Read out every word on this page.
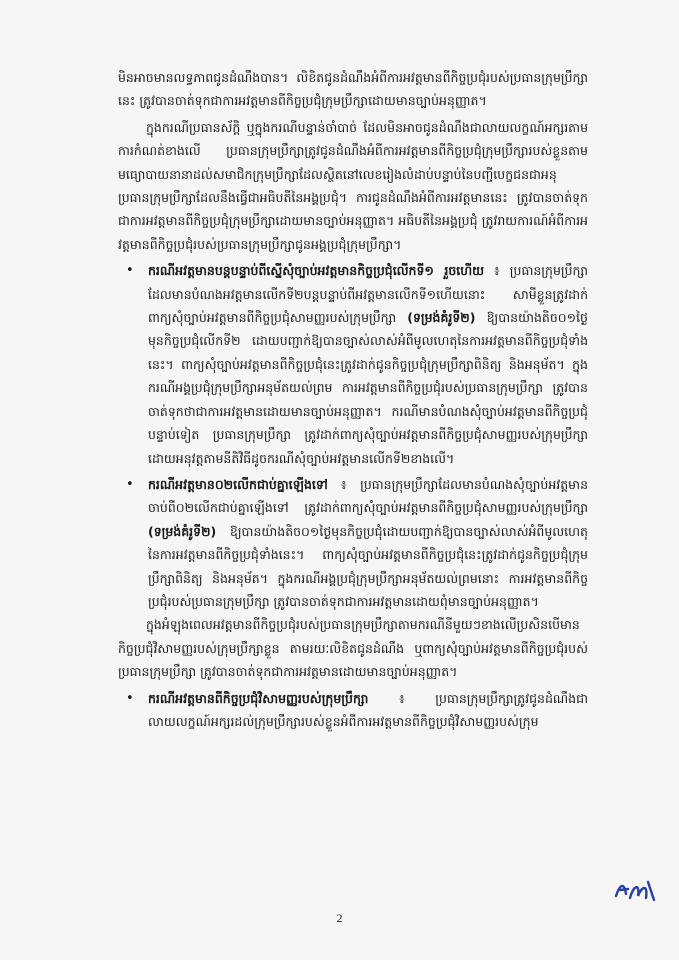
មិនអាចមានលទ្ធភាពជូនដំណឹងបាន។ លិខិតជូនដំណឹងអំពីការអវត្តមានពីកិច្ចប្រជុំរបស់ប្រធានក្រុមប្រឹក្សានេះ ត្រូវបានចាត់ទុកជាការអវត្តមានពីកិច្ចប្រជុំក្រុមប្រឹក្សាដោយមានច្បាប់អនុញ្ញាត។

ក្នុងករណីប្រធានស័ក្តិ ឬក្នុងករណីបន្ទាន់ចាំបាច់ ដែលមិនអាចជូនដំណឹងជាលាយលក្ខណ៍អក្សរតាមការកំណត់ខាងលើ ប្រធានក្រុមប្រឹក្សាត្រូវជូនដំណឹងអំពីការអវត្តមានពីកិច្ចប្រជុំក្រុមប្រឹក្សារបស់ខ្លួនតាមមធ្យោបាយនានាដល់សមាជិកក្រុមប្រឹក្សាដែលស្ថិតនៅលេខរៀងលំដាប់បន្ទាប់នៃបញ្ជីបេក្ខជនជាអនុប្រធានក្រុមប្រឹក្សាដែលនឹងធ្វើជាអធិបតីនៃអង្គប្រជុំ។ ការជូនដំណឹងអំពីការអវត្តមាននេះ ត្រូវបានចាត់ទុកជាការអវត្តមានពីកិច្ចប្រជុំក្រុមប្រឹក្សាដោយមានច្បាប់អនុញ្ញាត។ អធិបតីនៃអង្គប្រជុំ ត្រូវរាយការណ៍អំពីការអវត្តមានពីកិច្ចប្រជុំរបស់ប្រធានក្រុមប្រឹក្សាជូនអង្គប្រជុំក្រុមប្រឹក្សា។

• ករណីអវត្តមានបន្តបន្ទាប់ពីស្នើសុំច្បាប់អវត្តមានកិច្ចប្រជុំលើកទី១ រួចហើយ ៖ ប្រធានក្រុមប្រឹក្សាដែលមានបំណងអវត្តមានលើកទី២បន្តបន្ទាប់ពីអវត្តមានលើកទី១ហើយនោះ សាមីខ្លួនត្រូវដាក់ពាក្យសុំច្បាប់អវត្តមានពីកិច្ចប្រជុំសាមញ្ញរបស់ក្រុមប្រឹក្សា (ទម្រង់គំរូទី២) ឱ្យបានយ៉ាងតិច០១ថ្ងៃមុនកិច្ចប្រជុំលើកទី២ ដោយបញ្ជាក់ឱ្យបានច្បាស់លាស់អំពីមូលហេតុនៃការអវត្តមានពីកិច្ចប្រជុំទាំងនេះ។ ពាក្យសុំច្បាប់អវត្តមានពីកិច្ចប្រជុំនេះត្រូវដាក់ជូនកិច្ចប្រជុំក្រុមប្រឹក្សាពិនិត្យ និងអនុម័ត។ ក្នុងករណីអង្គប្រជុំក្រុមប្រឹក្សាអនុម័តយល់ព្រម ការអវត្តមានពីកិច្ចប្រជុំរបស់ប្រធានក្រុមប្រឹក្សា ត្រូវបានចាត់ទុកថាជាការអវត្តមានដោយមានច្បាប់អនុញ្ញាត។ ករណីមានបំណងសុំច្បាប់អវត្តមានពីកិច្ចប្រជុំបន្ទាប់ទៀត ប្រធានក្រុមប្រឹក្សា ត្រូវដាក់ពាក្យសុំច្បាប់អវត្តមានពីកិច្ចប្រជុំសាមញ្ញរបស់ក្រុមប្រឹក្សា ដោយអនុវត្តតាមនីតិវិធីដូចករណីសុំច្បាប់អវត្តមានលើកទី២ខាងលើ។
• ករណីអវត្តមាន០២លើកជាប់គ្នាឡើងទៅ ៖ ប្រធានក្រុមប្រឹក្សាដែលមានបំណងសុំច្បាប់អវត្តមានចាប់ពី០២លើកជាប់គ្នាឡើងទៅ ត្រូវដាក់ពាក្យសុំច្បាប់អវត្តមានពីកិច្ចប្រជុំសាមញ្ញរបស់ក្រុមប្រឹក្សា (ទម្រង់គំរូទី២) ឱ្យបានយ៉ាងតិច០១ថ្ងៃមុនកិច្ចប្រជុំដោយបញ្ជាក់ឱ្យបានច្បាស់លាស់អំពីមូលហេតុនៃការអវត្តមានពីកិច្ចប្រជុំទាំងនេះ។ ពាក្យសុំច្បាប់អវត្តមានពីកិច្ចប្រជុំនេះត្រូវដាក់ជូនកិច្ចប្រជុំក្រុមប្រឹក្សាពិនិត្យ និងអនុម័ត។ ក្នុងករណីអង្គប្រជុំក្រុមប្រឹក្សាអនុម័តយល់ព្រមនោះ ការអវត្តមានពីកិច្ចប្រជុំរបស់ប្រធានក្រុមប្រឹក្សា ត្រូវបានចាត់ទុកជាការអវត្តមានដោយពុំមានច្បាប់អនុញ្ញាត។

ក្នុងអំឡុងពេលអវត្តមានពីកិច្ចប្រជុំរបស់ប្រធានក្រុមប្រឹក្សាតាមករណីនីមួយៗខាងលើប្រសិនបើមានកិច្ចប្រជុំវិសាមញ្ញរបស់ក្រុមប្រឹក្សាខ្លួន តាមរយៈលិខិតជូនដំណឹង ឬពាក្យសុំច្បាប់អវត្តមានពីកិច្ចប្រជុំរបស់ប្រធានក្រុមប្រឹក្សា ត្រូវបានចាត់ទុកជាការអវត្តមានដោយមានច្បាប់អនុញ្ញាត។

• ករណីអវត្តមានពីកិច្ចប្រជុំវិសាមញ្ញរបស់ក្រុមប្រឹក្សា ៖ ប្រធានក្រុមប្រឹក្សាត្រូវជូនដំណឹងជាលាយលក្ខណ៍អក្សរដល់ក្រុមប្រឹក្សារបស់ខ្លួនអំពីការអវត្តមានពីកិច្ចប្រជុំវិសាមញ្ញរបស់ក្រុម
2
